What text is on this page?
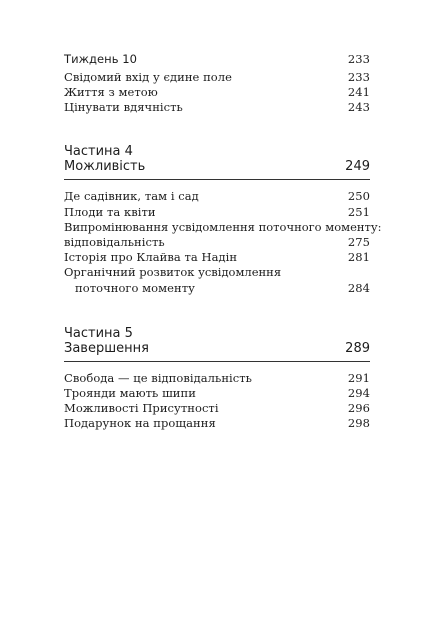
Тиждень 10	233
Свідомий вхід у єдине поле	233
Життя з метою	241
Цінувати вдячність	243
Частина 4
Можливість	249
Де садівник, там і сад	250
Плоди та квіти	251
Випромінювання усвідомлення поточного моменту:
відповідальність	275
Історія про Клайва та Надін	281
Органічний розвиток усвідомлення
поточного моменту	284
Частина 5
Завершення	289
Свобода — це відповідальність	291
Троянди мають шипи	294
Можливості Присутності	296
Подарунок на прощання	298
